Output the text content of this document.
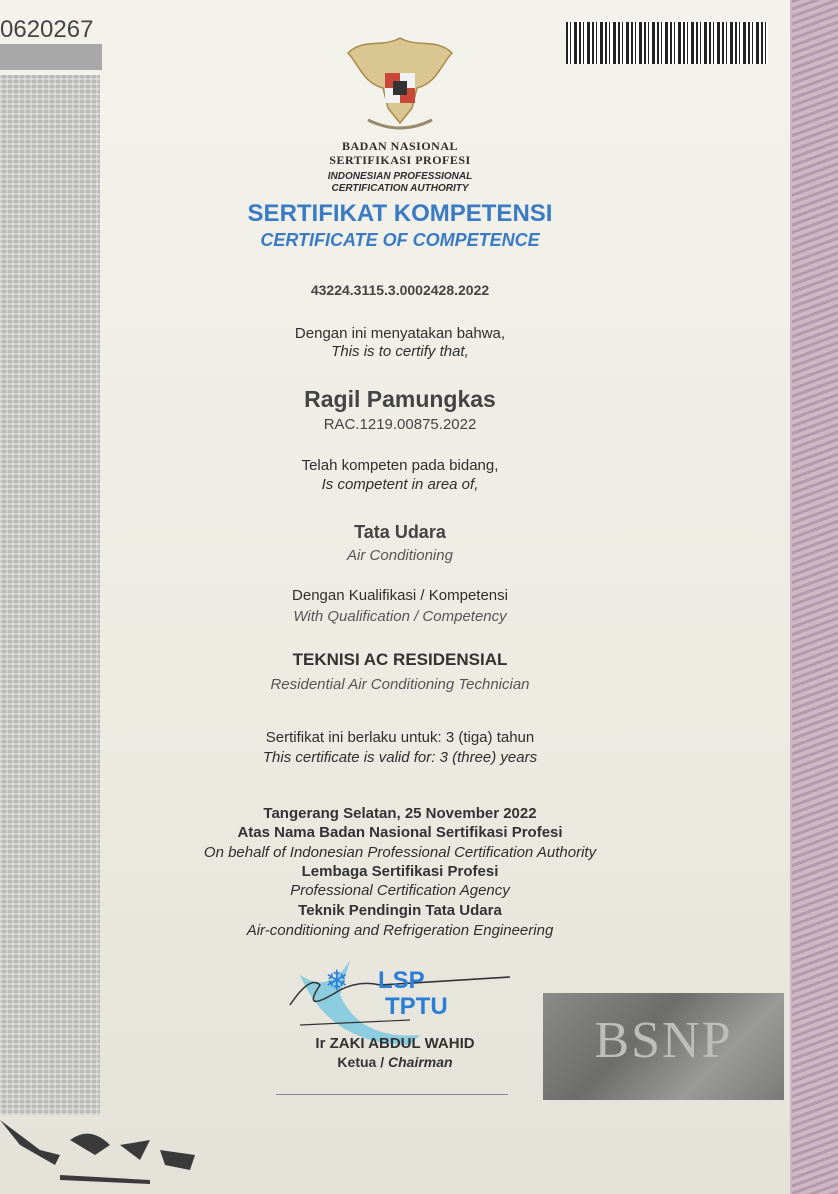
0620267
BADAN NASIONAL
SERTIFIKASI PROFESI
INDONESIAN PROFESSIONAL
CERTIFICATION AUTHORITY
SERTIFIKAT KOMPETENSI
CERTIFICATE OF COMPETENCE
43224.3115.3.0002428.2022
Dengan ini menyatakan bahwa,
This is to certify that,
Ragil Pamungkas
RAC.1219.00875.2022
Telah kompeten pada bidang,
Is competent in area of,
Tata Udara
Air Conditioning
Dengan Kualifikasi / Kompetensi
With Qualification / Competency
TEKNISI AC RESIDENSIAL
Residential Air Conditioning Technician
Sertifikat ini berlaku untuk: 3 (tiga) tahun
This certificate is valid for: 3 (three) years
Tangerang Selatan, 25 November 2022
Atas Nama Badan Nasional Sertifikasi Profesi
On behalf of Indonesian Professional Certification Authority
Lembaga Sertifikasi Profesi
Professional Certification Agency
Teknik Pendingin Tata Udara
Air-conditioning and Refrigeration Engineering
❄ LSP
TPTU
Ir ZAKI ABDUL WAHID
Ketua / Chairman	BSNP
